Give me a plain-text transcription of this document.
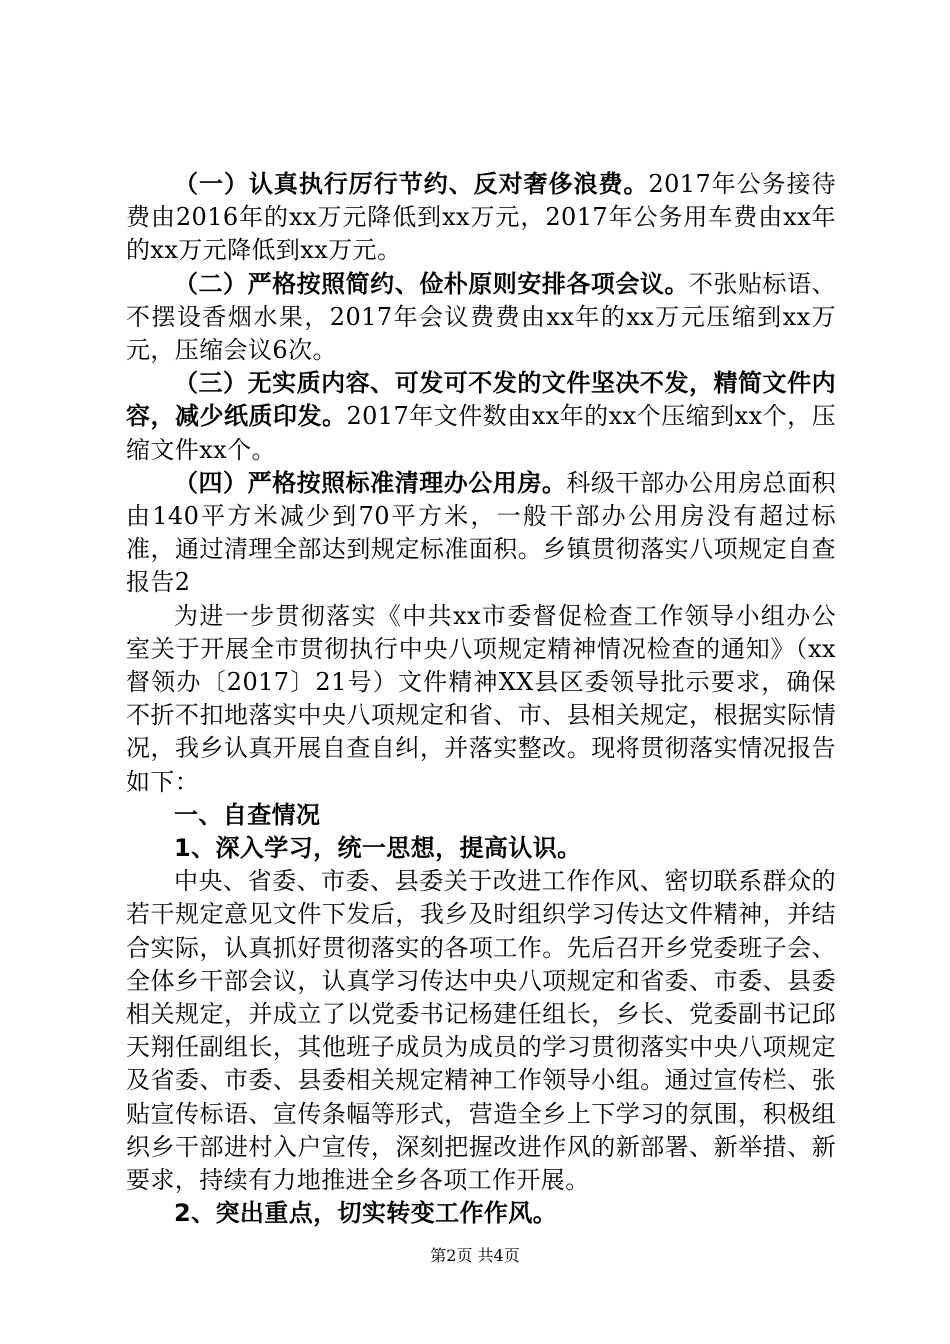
（一）认真执行厉行节约、反对奢侈浪费。2017年公务接待费由2016年的xx万元降低到xx万元，2017年公务用车费由xx年的xx万元降低到xx万元。

（二）严格按照简约、俭朴原则安排各项会议。不张贴标语、不摆设香烟水果，2017年会议费费由xx年的xx万元压缩到xx万元，压缩会议6次。

（三）无实质内容、可发可不发的文件坚决不发，精简文件内容，减少纸质印发。2017年文件数由xx年的xx个压缩到xx个，压缩文件xx个。

（四）严格按照标准清理办公用房。科级干部办公用房总面积由140平方米减少到70平方米，一般干部办公用房没有超过标准，通过清理全部达到规定标准面积。乡镇贯彻落实八项规定自查报告2

为进一步贯彻落实《中共xx市委督促检查工作领导小组办公室关于开展全市贯彻执行中央八项规定精神情况检查的通知》（xx督领办〔2017〕21号）文件精神XX县区委领导批示要求，确保不折不扣地落实中央八项规定和省、市、县相关规定，根据实际情况，我乡认真开展自查自纠，并落实整改。现将贯彻落实情况报告如下：

一、自查情况

1、深入学习，统一思想，提高认识。

中央、省委、市委、县委关于改进工作作风、密切联系群众的若干规定意见文件下发后，我乡及时组织学习传达文件精神，并结合实际，认真抓好贯彻落实的各项工作。先后召开乡党委班子会、全体乡干部会议，认真学习传达中央八项规定和省委、市委、县委相关规定，并成立了以党委书记杨建任组长，乡长、党委副书记邱天翔任副组长，其他班子成员为成员的学习贯彻落实中央八项规定及省委、市委、县委相关规定精神工作领导小组。通过宣传栏、张贴宣传标语、宣传条幅等形式，营造全乡上下学习的氛围，积极组织乡干部进村入户宣传，深刻把握改进作风的新部署、新举措、新要求，持续有力地推进全乡各项工作开展。

2、突出重点，切实转变工作作风。

第2页 共4页
